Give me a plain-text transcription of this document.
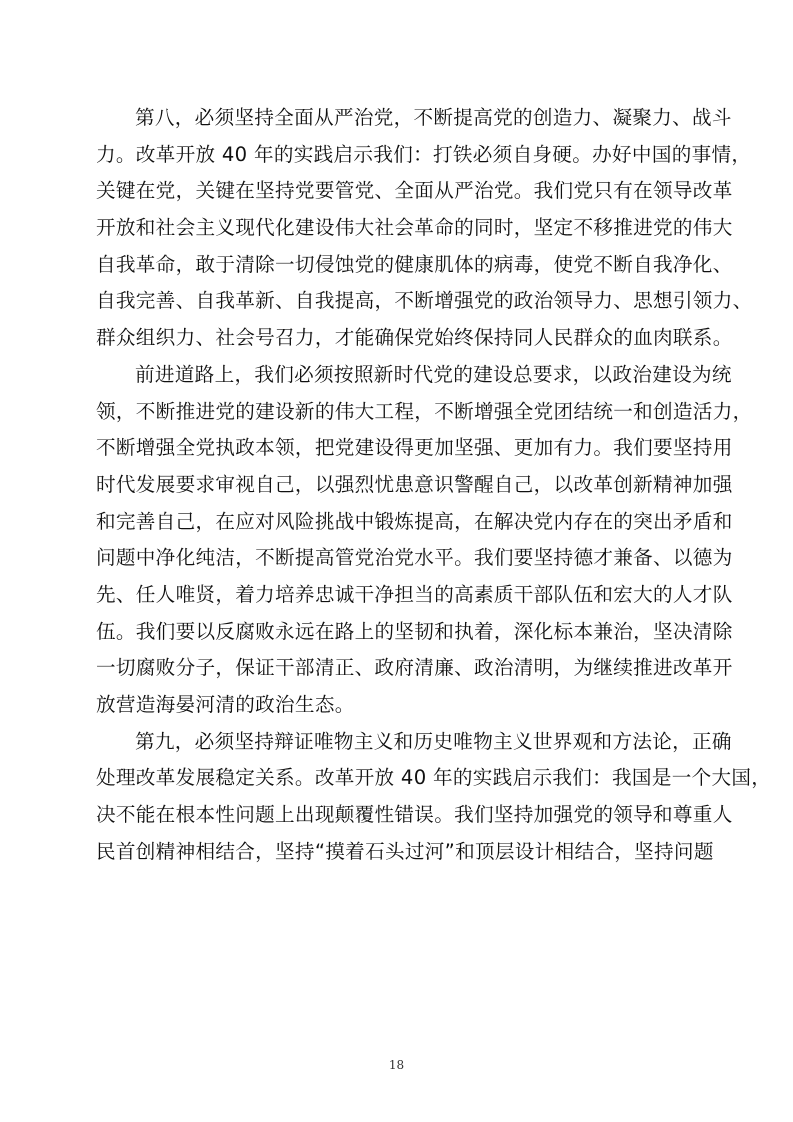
第八，必须坚持全面从严治党，不断提高党的创造力、凝聚力、战斗
力。改革开放 40 年的实践启示我们：打铁必须自身硬。办好中国的事情，
关键在党，关键在坚持党要管党、全面从严治党。我们党只有在领导改革
开放和社会主义现代化建设伟大社会革命的同时，坚定不移推进党的伟大
自我革命，敢于清除一切侵蚀党的健康肌体的病毒，使党不断自我净化、
自我完善、自我革新、自我提高，不断增强党的政治领导力、思想引领力、
群众组织力、社会号召力，才能确保党始终保持同人民群众的血肉联系。
前进道路上，我们必须按照新时代党的建设总要求，以政治建设为统
领，不断推进党的建设新的伟大工程，不断增强全党团结统一和创造活力，
不断增强全党执政本领，把党建设得更加坚强、更加有力。我们要坚持用
时代发展要求审视自己，以强烈忧患意识警醒自己，以改革创新精神加强
和完善自己，在应对风险挑战中锻炼提高，在解决党内存在的突出矛盾和
问题中净化纯洁，不断提高管党治党水平。我们要坚持德才兼备、以德为
先、任人唯贤，着力培养忠诚干净担当的高素质干部队伍和宏大的人才队
伍。我们要以反腐败永远在路上的坚韧和执着，深化标本兼治，坚决清除
一切腐败分子，保证干部清正、政府清廉、政治清明，为继续推进改革开
放营造海晏河清的政治生态。
第九，必须坚持辩证唯物主义和历史唯物主义世界观和方法论，正确
处理改革发展稳定关系。改革开放 40 年的实践启示我们：我国是一个大国，
决不能在根本性问题上出现颠覆性错误。我们坚持加强党的领导和尊重人
民首创精神相结合，坚持“摸着石头过河”和顶层设计相结合，坚持问题
18
